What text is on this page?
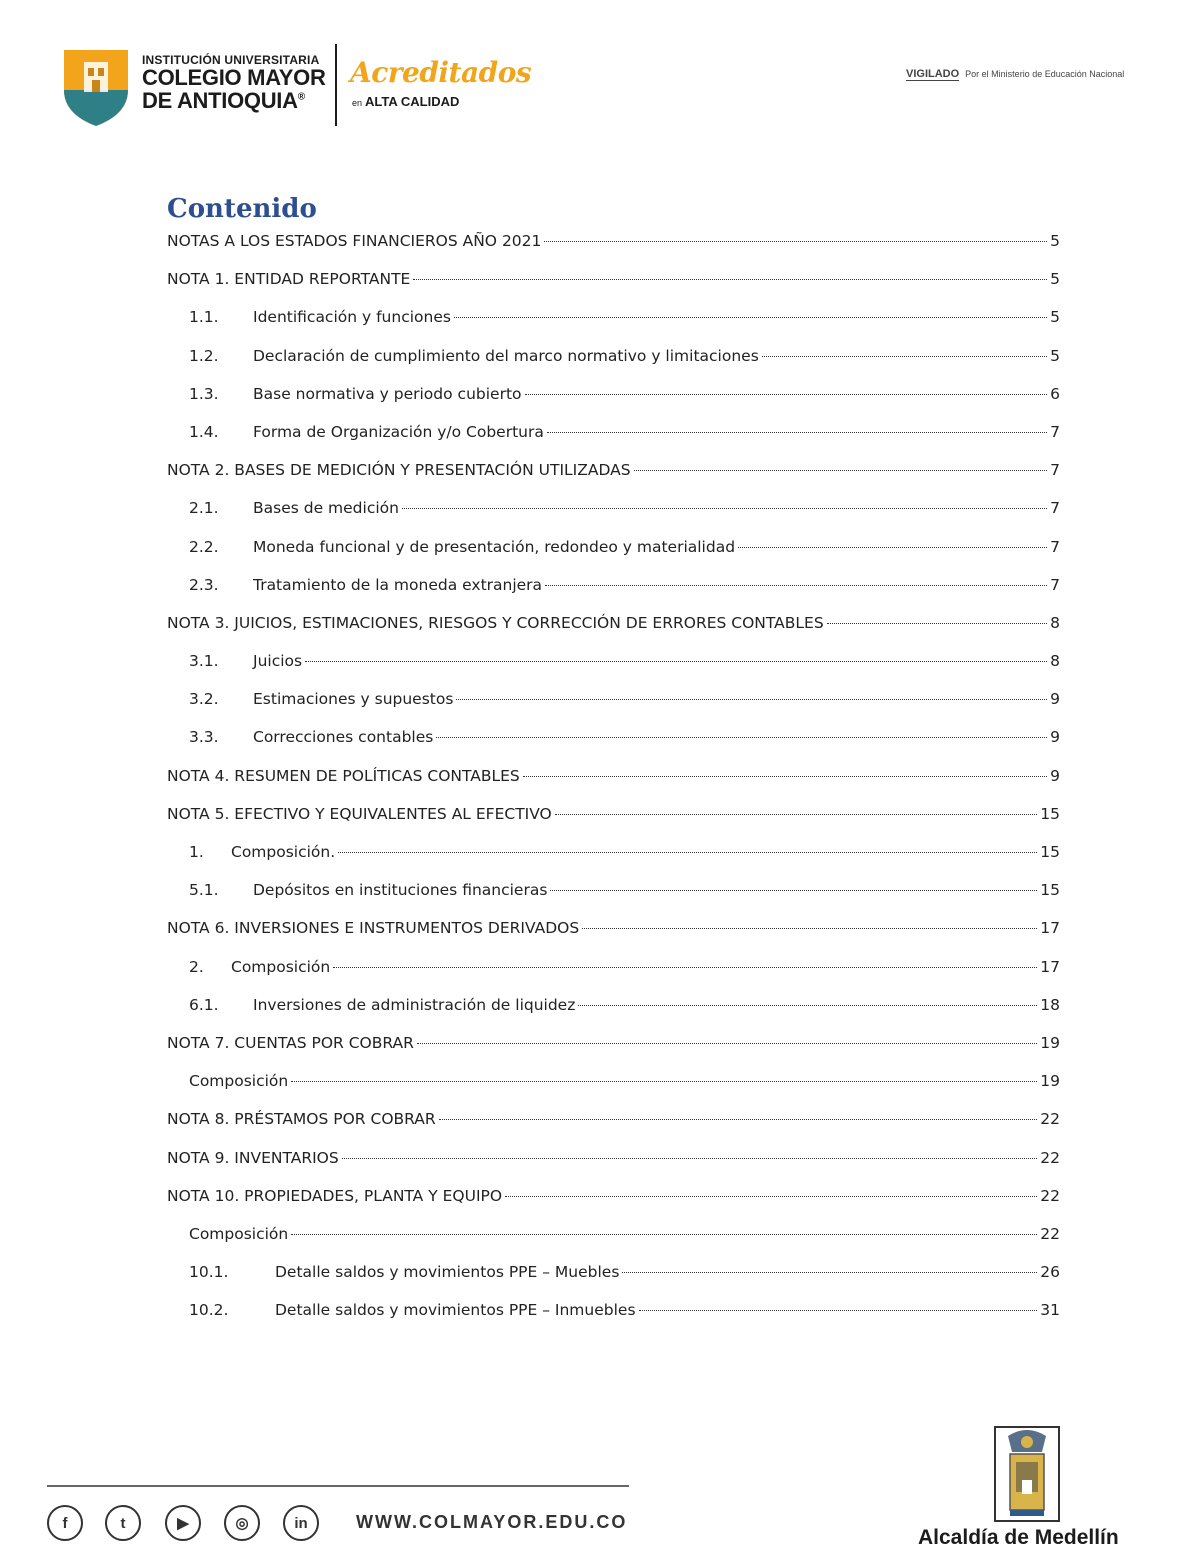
INSTITUCIÓN UNIVERSITARIA
COLEGIO MAYOR
DE ANTIOQUIA®
Acreditados
en ALTA CALIDAD
VIGILADO Por el Ministerio de Educación Nacional
Contenido
NOTAS A LOS ESTADOS FINANCIEROS AÑO 2021	5
NOTA 1. ENTIDAD REPORTANTE	5
1.1.	Identificación y funciones	5
1.2.	Declaración de cumplimiento del marco normativo y limitaciones	5
1.3.	Base normativa y periodo cubierto	6
1.4.	Forma de Organización y/o Cobertura	7
NOTA 2. BASES DE MEDICIÓN Y PRESENTACIÓN UTILIZADAS	7
2.1.	Bases de medición	7
2.2.	Moneda funcional y de presentación, redondeo y materialidad	7
2.3.	Tratamiento de la moneda extranjera	7
NOTA 3. JUICIOS, ESTIMACIONES, RIESGOS Y CORRECCIÓN DE ERRORES CONTABLES	8
3.1.	Juicios	8
3.2.	Estimaciones y supuestos	9
3.3.	Correcciones contables	9
NOTA 4. RESUMEN DE POLÍTICAS CONTABLES	9
NOTA 5. EFECTIVO Y EQUIVALENTES AL EFECTIVO	15
1.	Composición.	15
5.1.	Depósitos en instituciones financieras	15
NOTA 6. INVERSIONES E INSTRUMENTOS DERIVADOS	17
2.	Composición	17
6.1.	Inversiones de administración de liquidez	18
NOTA 7. CUENTAS POR COBRAR	19
Composición	19
NOTA 8. PRÉSTAMOS POR COBRAR	22
NOTA 9. INVENTARIOS	22
NOTA 10. PROPIEDADES, PLANTA Y EQUIPO	22
Composición	22
10.1.	Detalle saldos y movimientos PPE – Muebles	26
10.2.	Detalle saldos y movimientos PPE – Inmuebles	31
f	t	▶	◎	in	WWW.COLMAYOR.EDU.CO
Alcaldía de Medellín
